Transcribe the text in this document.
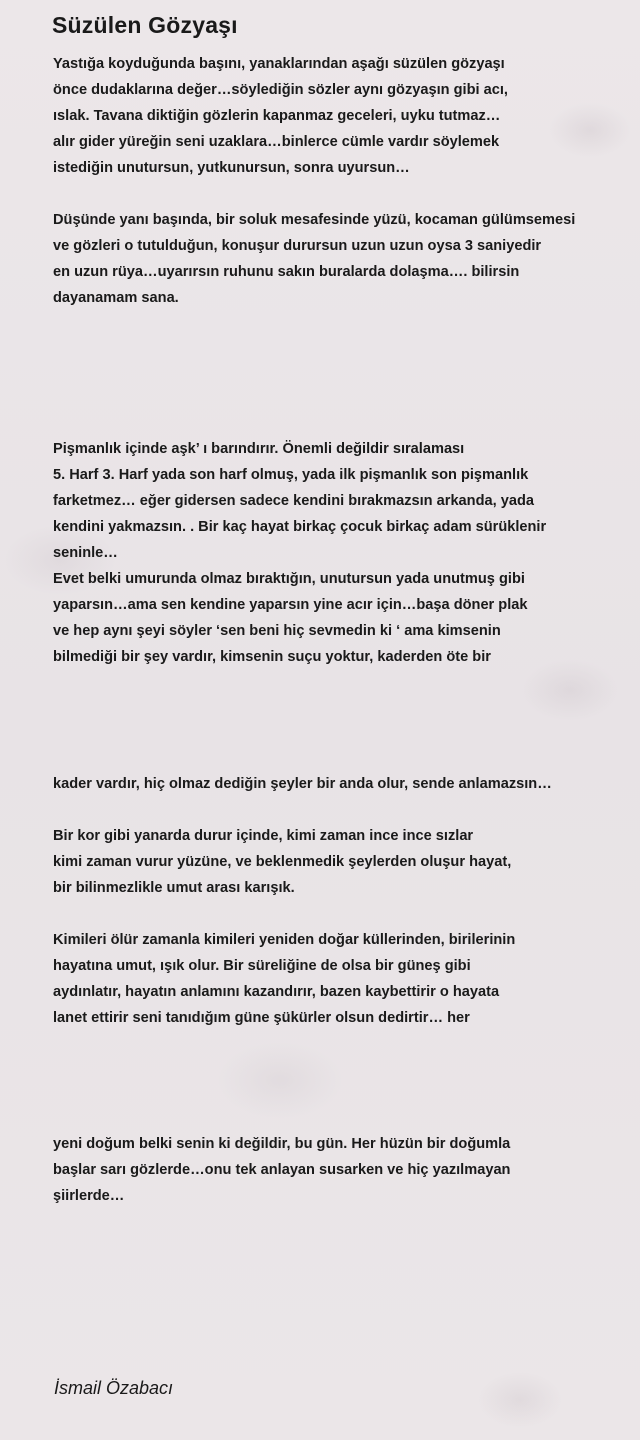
Süzülen Gözyaşı
Yastığa koyduğunda başını, yanaklarından aşağı süzülen gözyaşı
önce dudaklarına değer…söylediğin sözler aynı gözyaşın gibi acı,
ıslak. Tavana diktiğin gözlerin kapanmaz geceleri, uyku tutmaz…
alır gider yüreğin seni uzaklara…binlerce cümle vardır söylemek
istediğin unutursun, yutkunursun, sonra uyursun…
Düşünde yanı başında, bir soluk mesafesinde yüzü, kocaman gülümsemesi
ve gözleri o tutulduğun, konuşur durursun uzun uzun oysa 3 saniyedir
en uzun rüya…uyarırsın ruhunu sakın buralarda dolaşma…. bilirsin
dayanamam sana.
Pişmanlık içinde aşk’ ı barındırır. Önemli değildir sıralaması
5. Harf 3. Harf yada son harf olmuş, yada ilk pişmanlık son pişmanlık
farketmez… eğer gidersen sadece kendini bırakmazsın arkanda, yada
kendini yakmazsın. . Bir kaç hayat birkaç çocuk birkaç adam sürüklenir
seninle…
Evet belki umurunda olmaz bıraktığın, unutursun yada unutmuş gibi
yaparsın…ama sen kendine yaparsın yine acır için…başa döner plak
ve hep aynı şeyi söyler ‘sen beni hiç sevmedin ki ‘ ama kimsenin
bilmediği bir şey vardır, kimsenin suçu yoktur, kaderden öte bir
kader vardır, hiç olmaz dediğin şeyler bir anda olur, sende anlamazsın…
Bir kor gibi yanarda durur içinde, kimi zaman ince ince sızlar
kimi zaman vurur yüzüne, ve beklenmedik şeylerden oluşur hayat,
bir bilinmezlikle umut arası karışık.
Kimileri ölür zamanla kimileri yeniden doğar küllerinden, birilerinin
hayatına umut, ışık olur. Bir süreliğine de olsa bir güneş gibi
aydınlatır, hayatın anlamını kazandırır, bazen kaybettirir o hayata
lanet ettirir seni tanıdığım güne şükürler olsun dedirtir… her
yeni doğum belki senin ki değildir, bu gün. Her hüzün bir doğumla
başlar sarı gözlerde…onu tek anlayan susarken ve hiç yazılmayan
şiirlerde…

İsmail Özabacı
